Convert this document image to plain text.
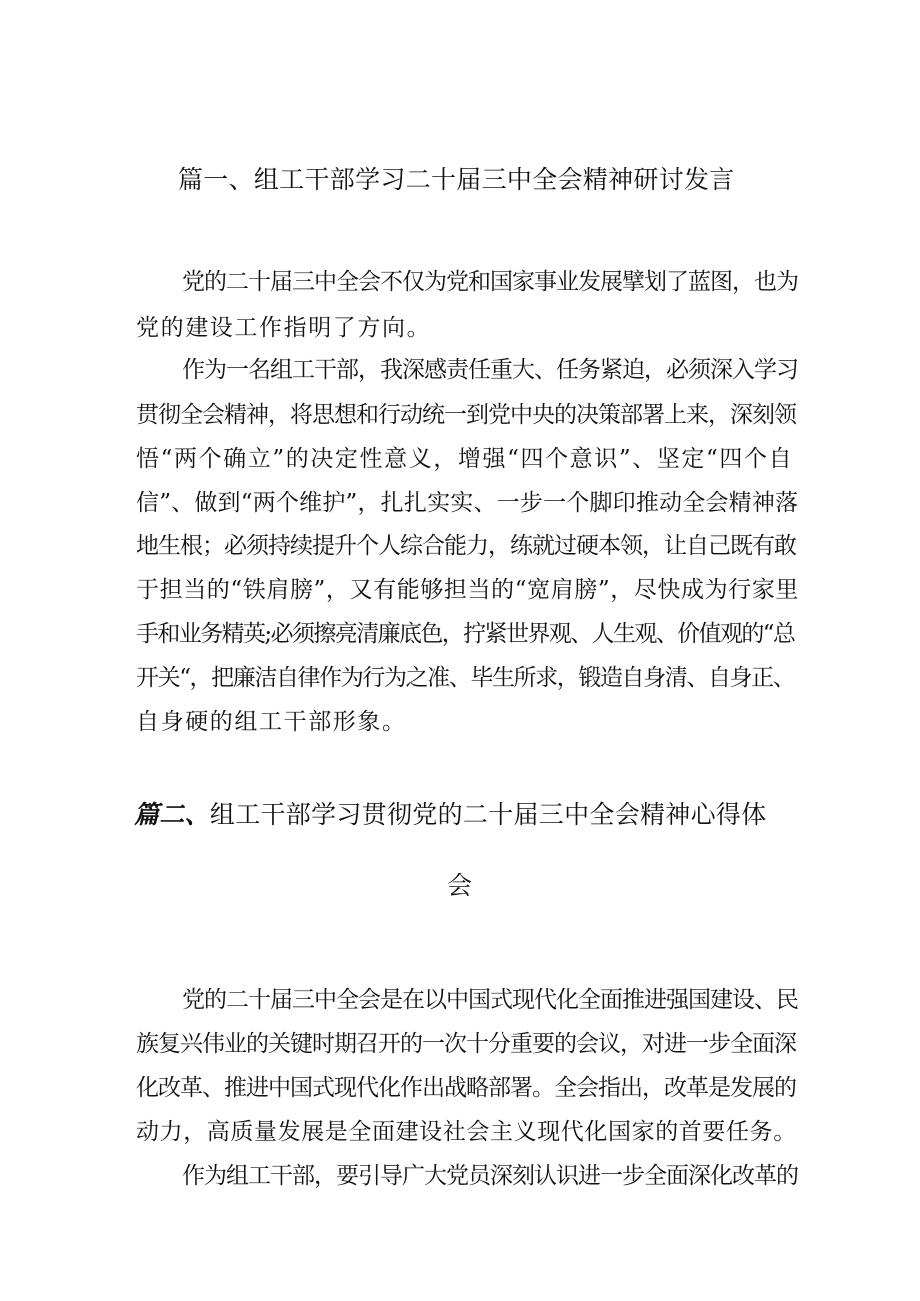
篇一、组工干部学习二十届三中全会精神研讨发言

党的二十届三中全会不仅为党和国家事业发展擘划了蓝图，也为

党的建设工作指明了方向。

作为一名组工干部，我深感责任重大、任务紧迫，必须深入学习

贯彻全会精神，将思想和行动统一到党中央的决策部署上来，深刻领

悟“两个确立”的决定性意义，增强“四个意识”、坚定“四个自

信”、做到“两个维护”，扎扎实实、一步一个脚印推动全会精神落

地生根；必须持续提升个人综合能力，练就过硬本领，让自己既有敢

于担当的“铁肩膀”，又有能够担当的“宽肩膀”，尽快成为行家里

手和业务精英;必须擦亮清廉底色，拧紧世界观、人生观、价值观的“总

开关“，把廉洁自律作为行为之准、毕生所求，锻造自身清、自身正、

自身硬的组工干部形象。

篇二、组工干部学习贯彻党的二十届三中全会精神心得体
会

党的二十届三中全会是在以中国式现代化全面推进强国建设、民

族复兴伟业的关键时期召开的一次十分重要的会议，对进一步全面深

化改革、推进中国式现代化作出战略部署。全会指出，改革是发展的

动力，高质量发展是全面建设社会主义现代化国家的首要任务。

作为组工干部，要引导广大党员深刻认识进一步全面深化改革的
